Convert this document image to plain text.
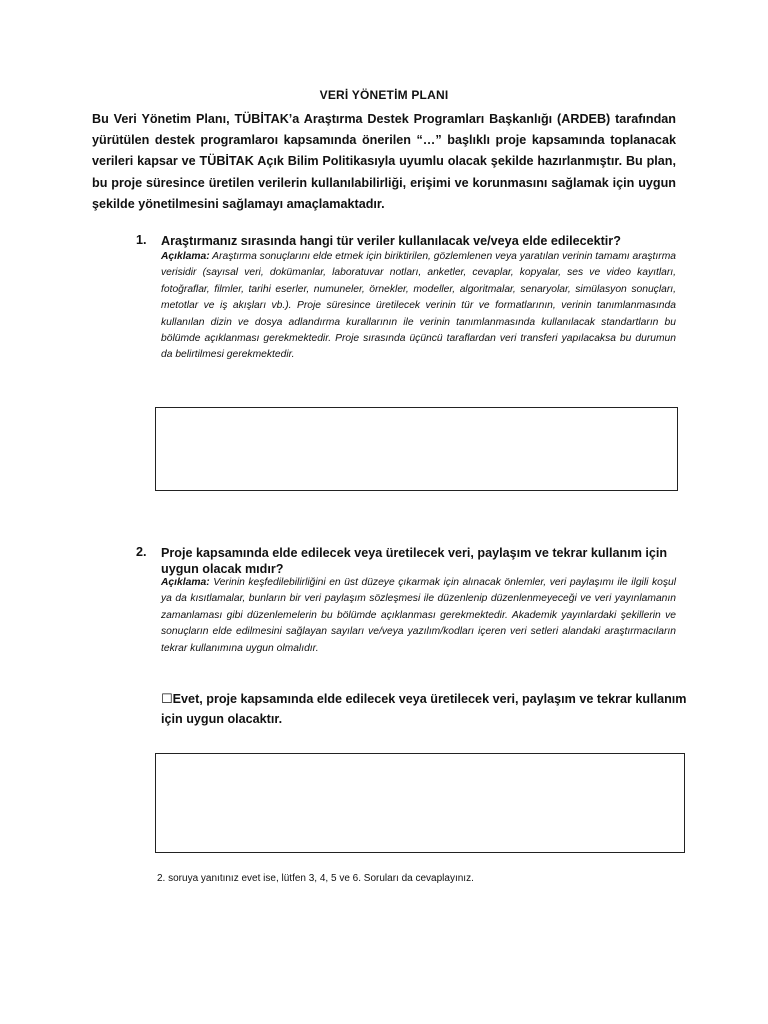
VERİ YÖNETİM PLANI

Bu Veri Yönetim Planı, TÜBİTAK’a Araştırma Destek Programları Başkanlığı (ARDEB) tarafından yürütülen destek programlaroı kapsamında önerilen “…” başlıklı proje kapsamında toplanacak verileri kapsar ve TÜBİTAK Açık Bilim Politikasıyla uyumlu olacak şekilde hazırlanmıştır. Bu plan, bu proje süresince üretilen verilerin kullanılabilirliği, erişimi ve korunmasını sağlamak için uygun şekilde yönetilmesini sağlamayı amaçlamaktadır.

1. Araştırmanız sırasında hangi tür veriler kullanılacak ve/veya elde edilecektir?

Açıklama: Araştırma sonuçlarını elde etmek için biriktirilen, gözlemlenen veya yaratılan verinin tamamı araştırma verisidir (sayısal veri, dokümanlar, laboratuvar notları, anketler, cevaplar, kopyalar, ses ve video kayıtları, fotoğraflar, filmler, tarihi eserler, numuneler, örnekler, modeller, algoritmalar, senaryolar, simülasyon sonuçları, metotlar ve iş akışları vb.). Proje süresince üretilecek verinin tür ve formatlarının, verinin tanımlanmasında kullanılan dizin ve dosya adlandırma kurallarının ile verinin tanımlanmasında kullanılacak standartların bu bölümde açıklanması gerekmektedir. Proje sırasında üçüncü taraflardan veri transferi yapılacaksa bu durumun da belirtilmesi gerekmektedir.

2. Proje kapsamında elde edilecek veya üretilecek veri, paylaşım ve tekrar kullanım için uygun olacak mıdır?

Açıklama: Verinin keşfedilebilirliğini en üst düzeye çıkarmak için alınacak önlemler, veri paylaşımı ile ilgili koşul ya da kısıtlamalar, bunların bir veri paylaşım sözleşmesi ile düzenlenip düzenlenmeyeceği ve veri yayınlamanın zamanlaması gibi düzenlemelerin bu bölümde açıklanması gerekmektedir. Akademik yayınlardaki şekillerin ve sonuçların elde edilmesini sağlayan sayıları ve/veya yazılım/kodları içeren veri setleri alandaki araştırmacıların tekrar kullanımına uygun olmalıdır.

☐Evet, proje kapsamında elde edilecek veya üretilecek veri, paylaşım ve tekrar kullanım için uygun olacaktır.

2. soruya yanıtınız evet ise, lütfen 3, 4, 5 ve 6. Soruları da cevaplayınız.
